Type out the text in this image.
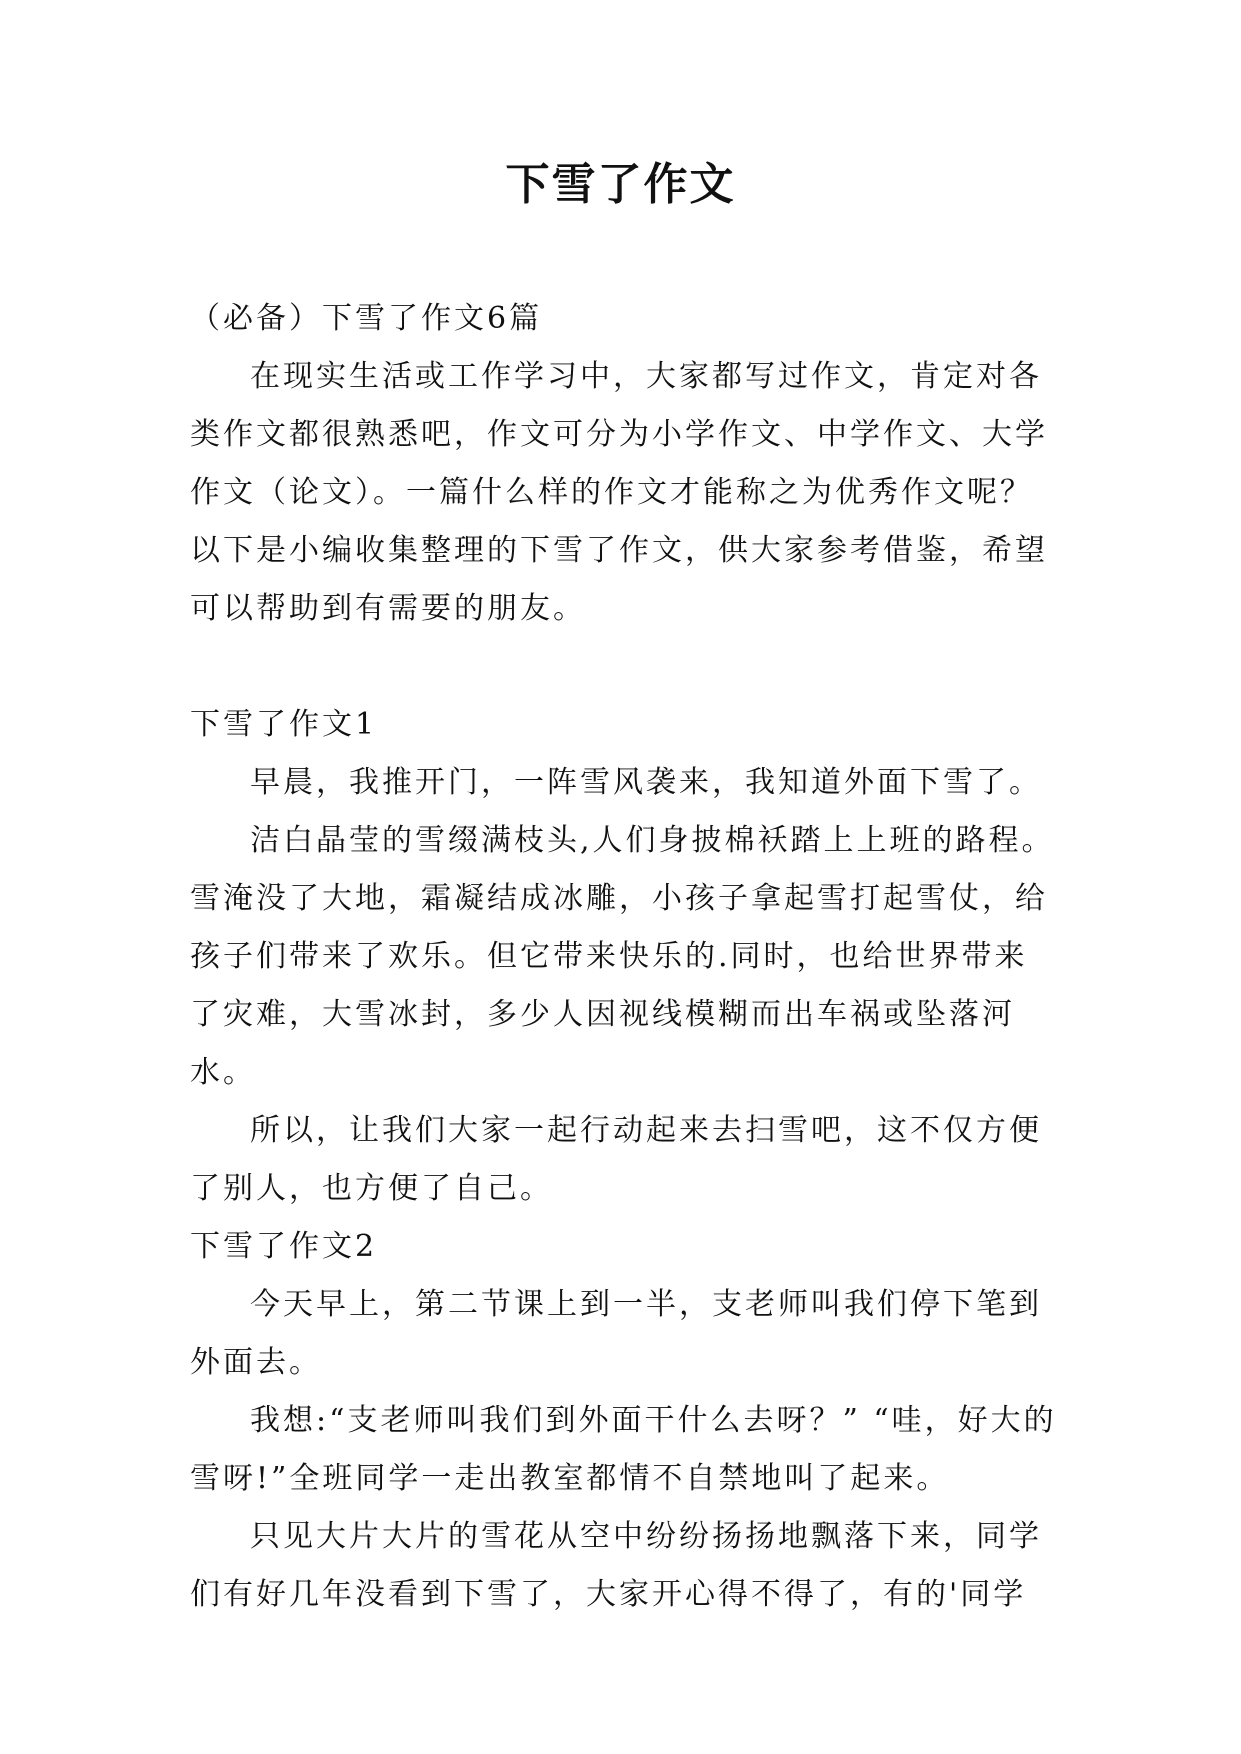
下雪了作文

（必备）下雪了作文6篇

在现实生活或工作学习中，大家都写过作文，肯定对各类作文都很熟悉吧，作文可分为小学作文、中学作文、大学作文（论文）。一篇什么样的作文才能称之为优秀作文呢？以下是小编收集整理的下雪了作文，供大家参考借鉴，希望可以帮助到有需要的朋友。

下雪了作文1

早晨，我推开门，一阵雪风袭来，我知道外面下雪了。

洁白晶莹的雪缀满枝头,人们身披棉袄踏上上班的路程。雪淹没了大地，霜凝结成冰雕，小孩子拿起雪打起雪仗，给孩子们带来了欢乐。但它带来快乐的.同时，也给世界带来了灾难，大雪冰封，多少人因视线模糊而出车祸或坠落河水。

所以，让我们大家一起行动起来去扫雪吧，这不仅方便了别人，也方便了自己。

下雪了作文2

今天早上，第二节课上到一半，支老师叫我们停下笔到外面去。

我想:“支老师叫我们到外面干什么去呀？” “哇，好大的雪呀!”全班同学一走出教室都情不自禁地叫了起来。

只见大片大片的雪花从空中纷纷扬扬地飘落下来，同学们有好几年没看到下雪了，大家开心得不得了，有的'同学
